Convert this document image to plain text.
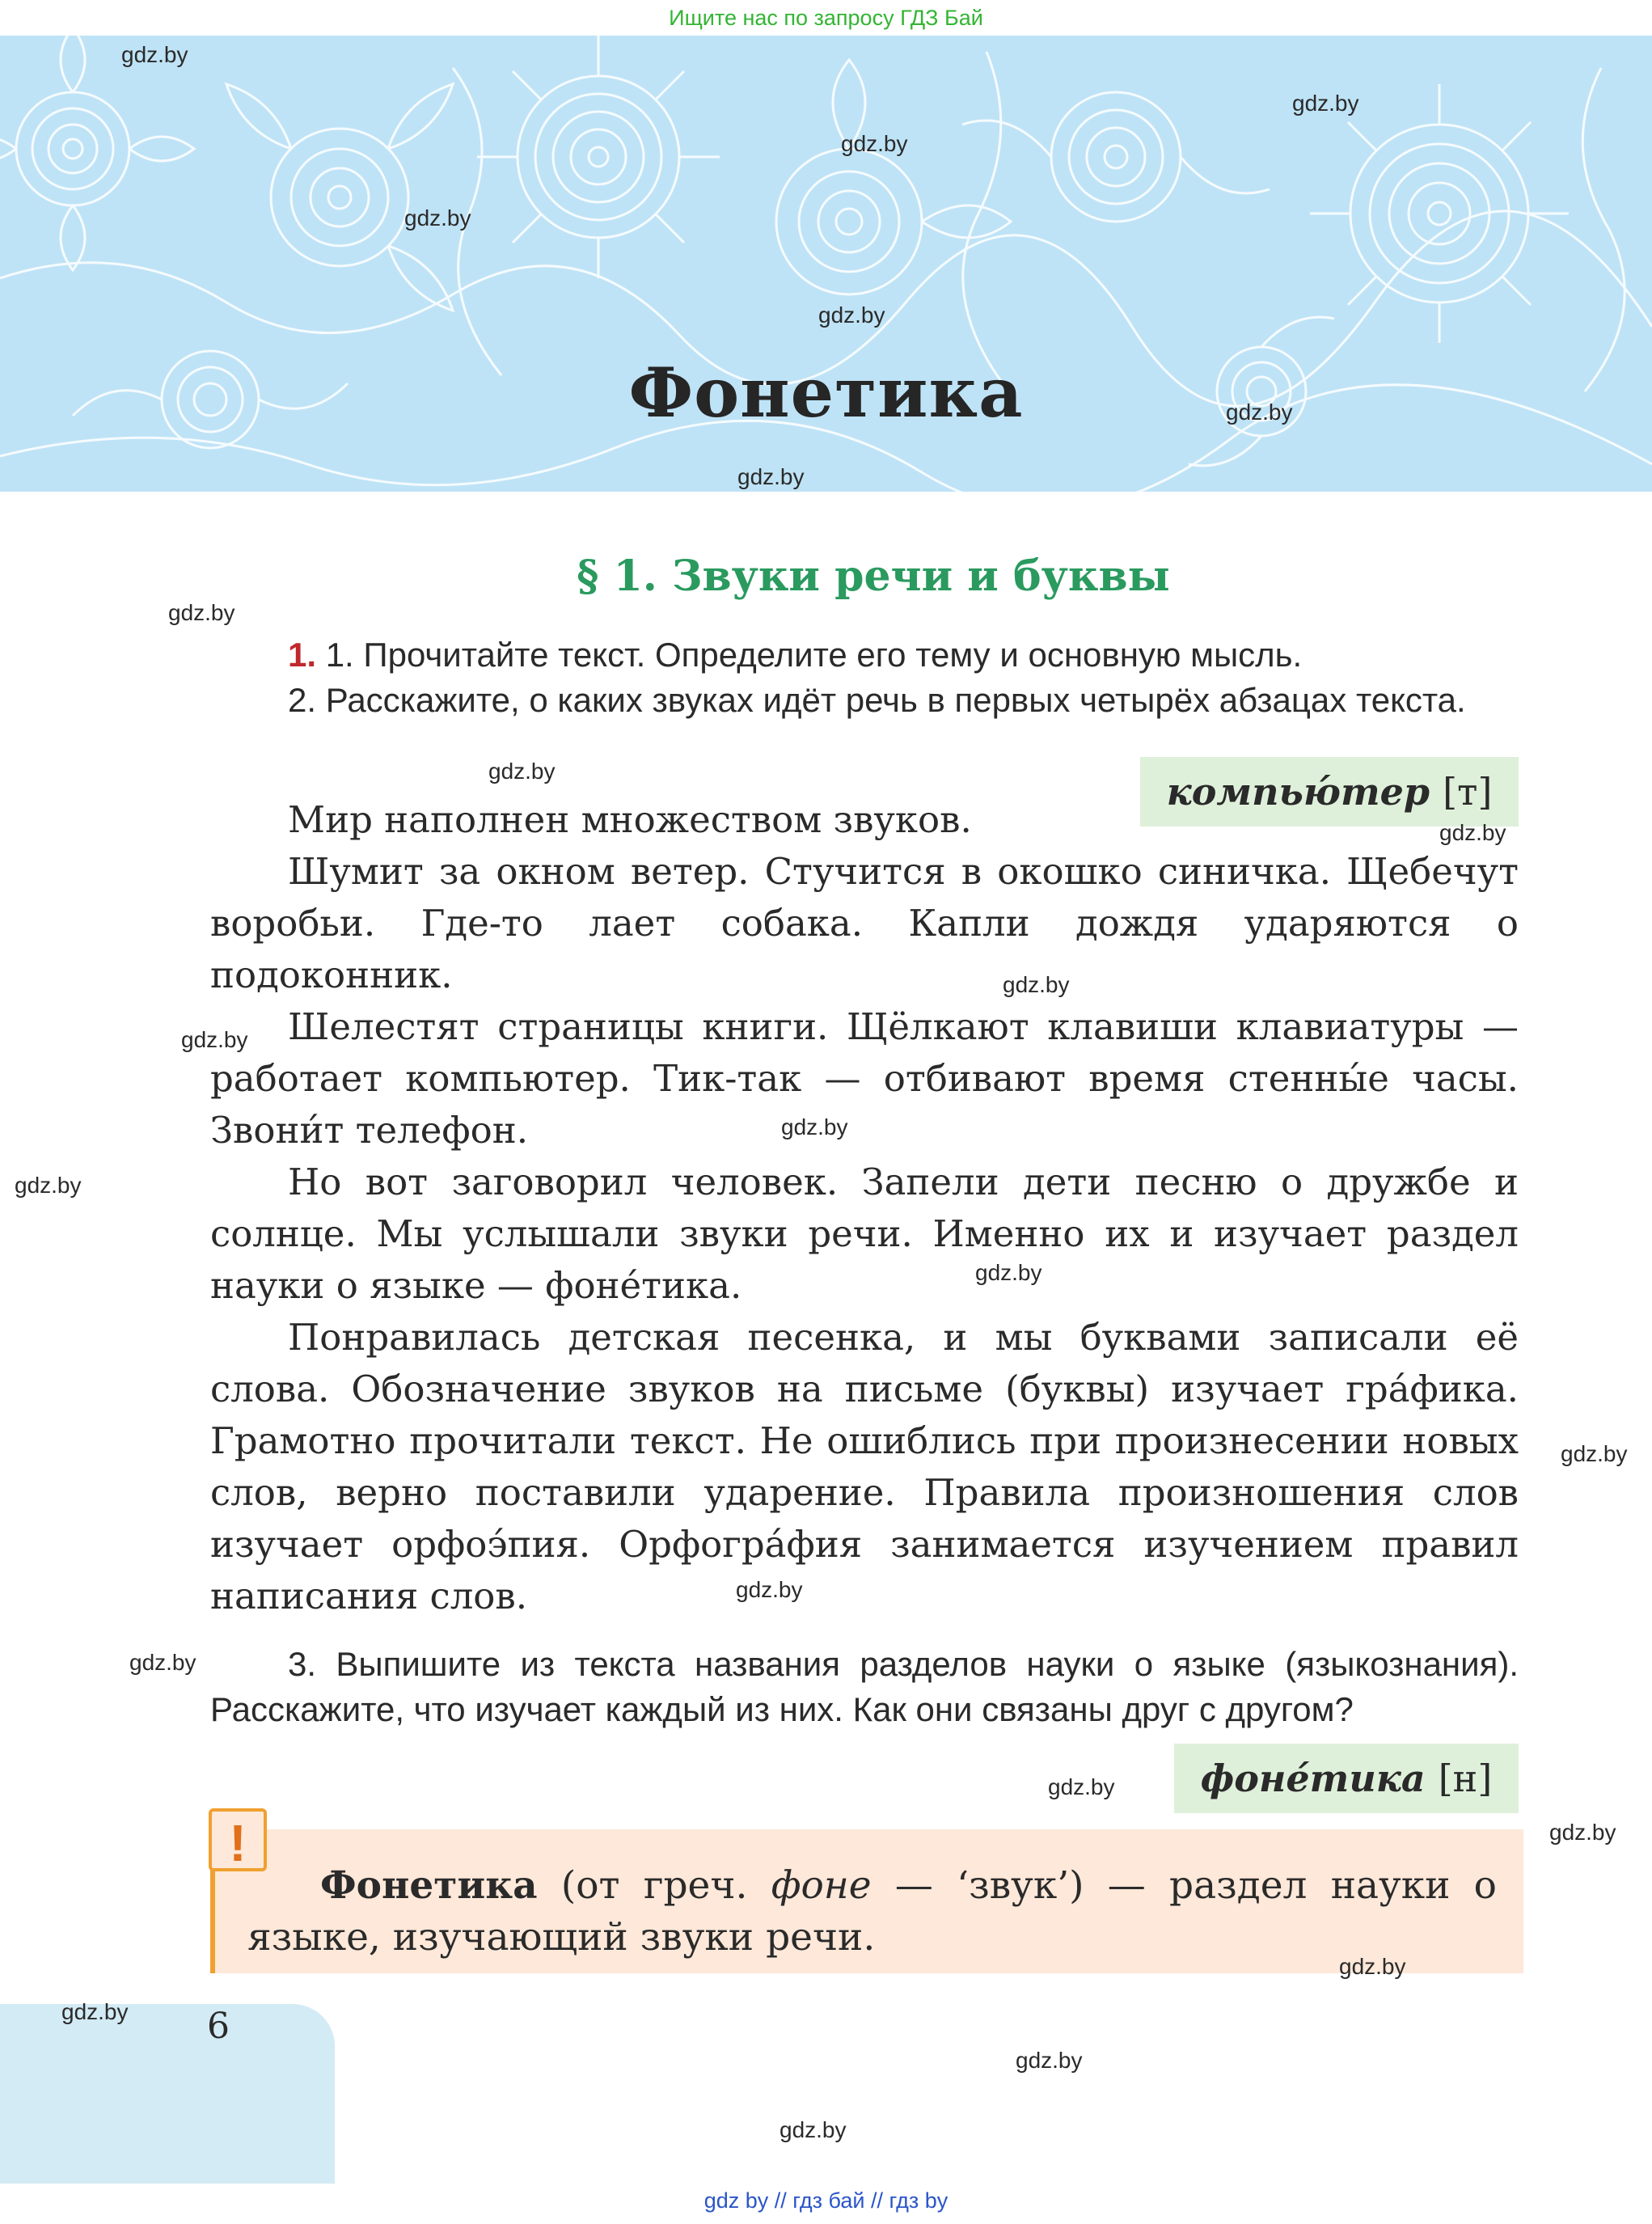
Ищите нас по запросу ГДЗ Бай
Фонетика
§ 1. Звуки речи и буквы

1. 1. Прочитайте текст. Определите его тему и основную мысль.

2. Расскажите, о каких звуках идёт речь в первых четырёх абзацах текста.

компью́тер [т]

Мир наполнен множеством звуков.

Шумит за окном ветер. Стучится в окошко синичка. Щебечут воробьи. Где-то лает собака. Капли дождя ударяются о подоконник.

Шелестят страницы книги. Щёлкают клавиши клавиатуры — работает компьютер. Тик-так — отбивают время стенны́е часы. Звони́т телефон.

Но вот заговорил человек. Запели дети песню о дружбе и солнце. Мы услышали звуки речи. Именно их и изучает раздел науки о языке — фоне́тика.

Понравилась детская песенка, и мы буквами записали её слова. Обозначение звуков на письме (буквы) изучает гра́фика. Грамотно прочитали текст. Не ошиблись при произнесении новых слов, верно поставили ударение. Правила произношения слов изучает орфоэ́пия. Орфогра́фия занимается изучением правил написания слов.

3. Выпишите из текста названия разделов науки о языке (языкознания). Расскажите, что изучает каждый из них. Как они связаны друг с другом?

фоне́тика [н]

Фонетика (от греч. фоне — ‘звук’) — раздел науки о языке, изучающий звуки речи.

!
6
gdz.by
gdz.by
gdz.by
gdz.by
gdz.by
gdz.by
gdz.by
gdz.by
gdz.by
gdz.by
gdz.by
gdz.by
gdz.by
gdz.by
gdz.by
gdz.by
gdz.by
gdz.by
gdz.by
gdz.by
gdz.by
gdz.by
gdz.by
gdz.by
gdz by // гдз бай // гдз by
